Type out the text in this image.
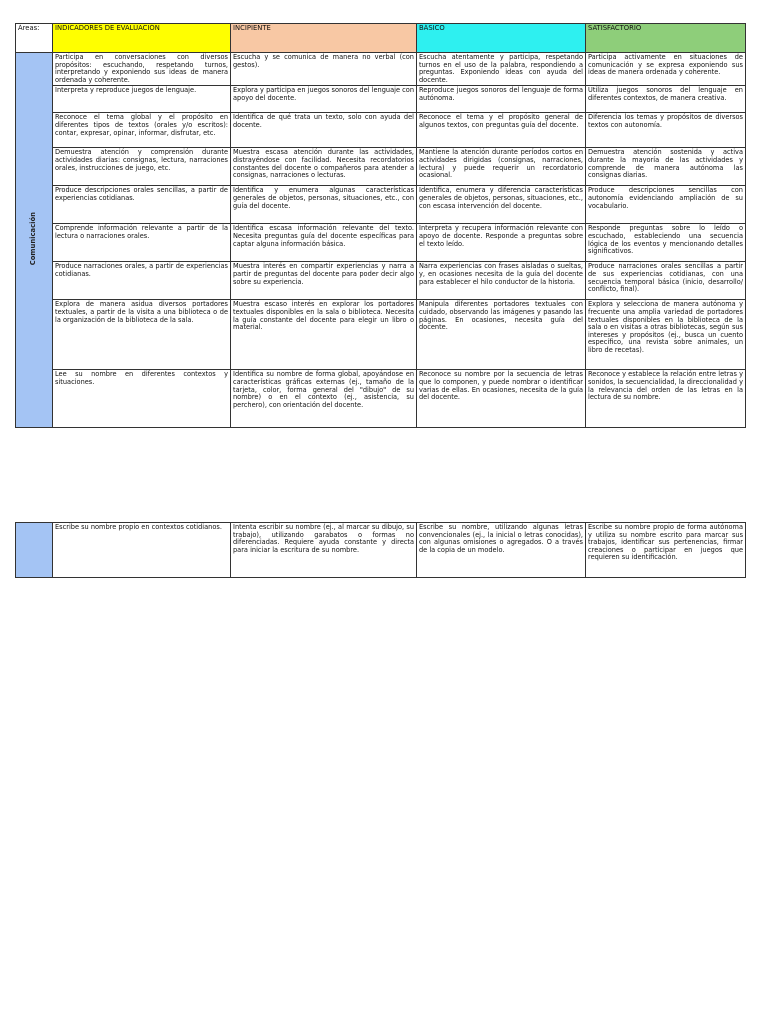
Áreas:	INDICADORES DE EVALUACIÓN	INCIPIENTE	BÁSICO	SATISFACTORIO
Comunicación	Participa en conversaciones con diversos propósitos: escuchando, respetando turnos, interpretando y exponiendo sus ideas de manera ordenada y coherente.	Escucha y se comunica de manera no verbal (con gestos).	Escucha atentamente y participa, respetando turnos en el uso de la palabra, respondiendo a preguntas. Exponiendo ideas con ayuda del docente.	Participa activamente en situaciones de comunicación y se expresa exponiendo sus ideas de manera ordenada y coherente.
	Interpreta y reproduce juegos de lenguaje.	Explora y participa en juegos sonoros del lenguaje con apoyo del docente.	Reproduce juegos sonoros del lenguaje de forma autónoma.	Utiliza juegos sonoros del lenguaje en diferentes contextos, de manera creativa.
	Reconoce el tema global y el propósito en diferentes tipos de textos (orales y/o escritos): contar, expresar, opinar, informar, disfrutar, etc.	Identifica de qué trata un texto, solo con ayuda del docente.	Reconoce el tema y el propósito general de algunos textos, con preguntas guía del docente.	Diferencia los temas y propósitos de diversos textos con autonomía.
	Demuestra atención y comprensión durante actividades diarias: consignas, lectura, narraciones orales, instrucciones de juego, etc.	Muestra escasa atención durante las actividades, distrayéndose con facilidad. Necesita recordatorios constantes del docente o compañeros para atender a consignas, narraciones o lecturas.	Mantiene la atención durante períodos cortos en actividades dirigidas (consignas, narraciones, lectura) y puede requerir un recordatorio ocasional.	Demuestra atención sostenida y activa durante la mayoría de las actividades y comprende de manera autónoma las consignas diarias.
	Produce descripciones orales sencillas, a partir de experiencias cotidianas.	Identifica y enumera algunas características generales de objetos, personas, situaciones, etc., con guía del docente.	Identifica, enumera y diferencia características generales de objetos, personas, situaciones, etc., con escasa intervención del docente.	Produce descripciones sencillas con autonomía evidenciando ampliación de su vocabulario.
	Comprende información relevante a partir de la lectura o narraciones orales.	Identifica escasa información relevante del texto. Necesita preguntas guía del docente específicas para captar alguna información básica.	Interpreta y recupera información relevante con apoyo de docente. Responde a preguntas sobre el texto leído.	Responde preguntas sobre lo leído o escuchado, estableciendo una secuencia lógica de los eventos y mencionando detalles significativos.
	Produce narraciones orales, a partir de experiencias cotidianas.	Muestra interés en compartir experiencias y narra a partir de preguntas del docente para poder decir algo sobre su experiencia.	Narra experiencias con frases aisladas o sueltas, y, en ocasiones necesita de la guía del docente para establecer el hilo conductor de la historia.	Produce narraciones orales sencillas a partir de sus experiencias cotidianas, con una secuencia temporal básica (inicio, desarrollo/ conflicto, final).
	Explora de manera asidua diversos portadores textuales, a partir de la visita a una biblioteca o de la organización de la biblioteca de la sala.	Muestra escaso interés en explorar los portadores textuales disponibles en la sala o biblioteca. Necesita la guía constante del docente para elegir un libro o material.	Manipula diferentes portadores textuales con cuidado, observando las imágenes y pasando las páginas. En ocasiones, necesita guía del docente.	Explora y selecciona de manera autónoma y frecuente una amplia variedad de portadores textuales disponibles en la biblioteca de la sala o en visitas a otras bibliotecas, según sus intereses y propósitos (ej., busca un cuento específico, una revista sobre animales, un libro de recetas).
	Lee su nombre en diferentes contextos y situaciones.	Identifica su nombre de forma global, apoyándose en características gráficas externas (ej., tamaño de la tarjeta, color, forma general del "dibujo" de su nombre) o en el contexto (ej., asistencia, su perchero), con orientación del docente.	Reconoce su nombre por la secuencia de letras que lo componen, y puede nombrar o identificar varias de ellas. En ocasiones, necesita de la guía del docente.	Reconoce y establece la relación entre letras y sonidos, la secuencialidad, la direccionalidad y la relevancia del orden de las letras en la lectura de su nombre.
	Escribe su nombre propio en contextos cotidianos.	Intenta escribir su nombre (ej., al marcar su dibujo, su trabajo), utilizando garabatos o formas no diferenciadas. Requiere ayuda constante y directa para iniciar la escritura de su nombre.	Escribe su nombre, utilizando algunas letras convencionales (ej., la inicial o letras conocidas), con algunas omisiones o agregados. O a través de la copia de un modelo.	Escribe su nombre propio de forma autónoma y utiliza su nombre escrito para marcar sus trabajos, identificar sus pertenencias, firmar creaciones o participar en juegos que requieren su identificación.
